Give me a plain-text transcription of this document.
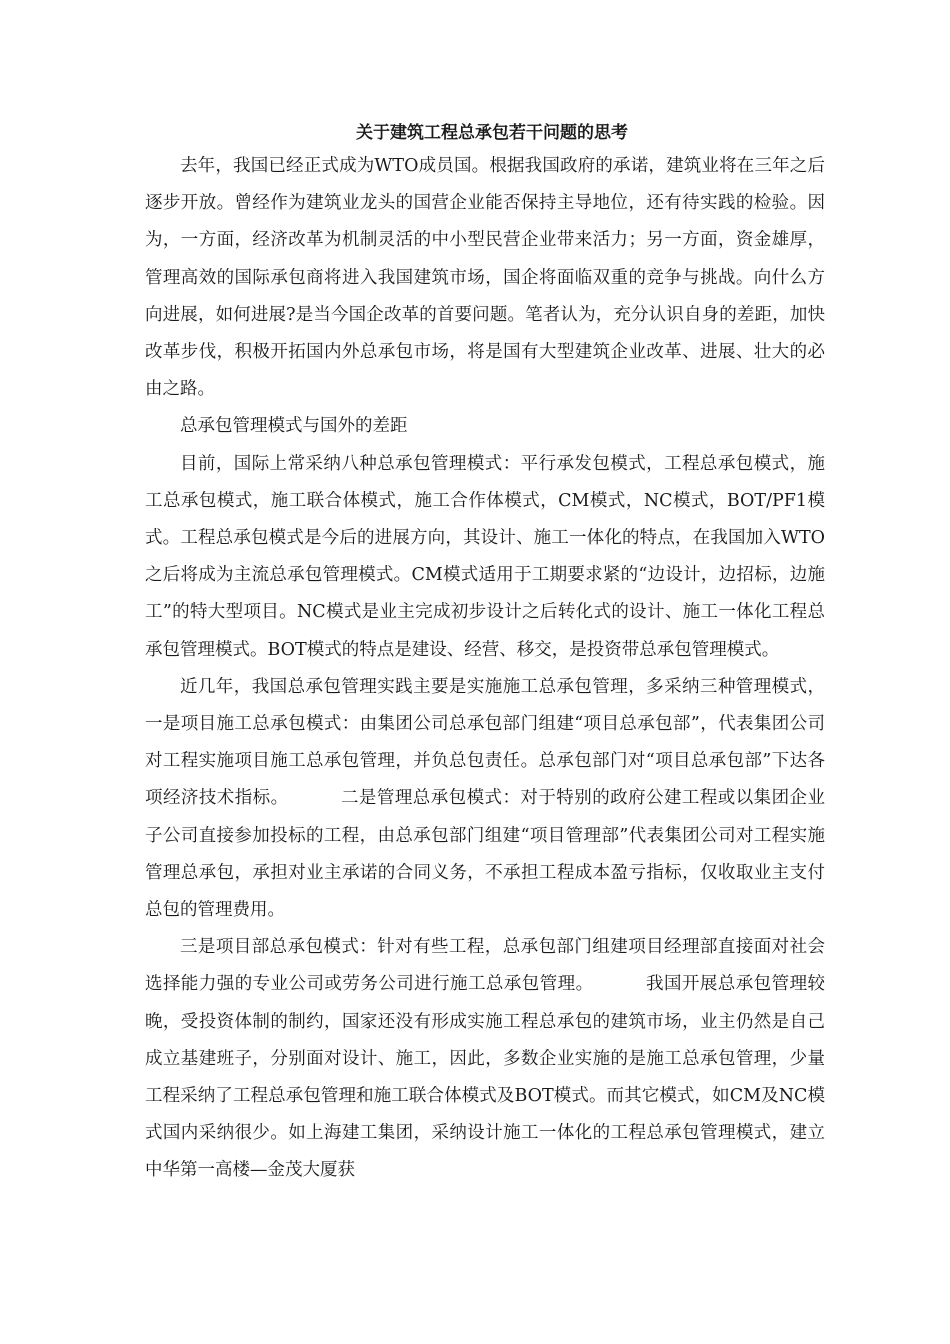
关于建筑工程总承包若干问题的思考

去年，我国已经正式成为WTO成员国。根据我国政府的承诺，建筑业将在三年之后逐步开放。曾经作为建筑业龙头的国营企业能否保持主导地位，还有待实践的检验。因为，一方面，经济改革为机制灵活的中小型民营企业带来活力；另一方面，资金雄厚，管理高效的国际承包商将进入我国建筑市场，国企将面临双重的竞争与挑战。向什么方向进展，如何进展?是当今国企改革的首要问题。笔者认为，充分认识自身的差距，加快改革步伐，积极开拓国内外总承包市场，将是国有大型建筑企业改革、进展、壮大的必由之路。

总承包管理模式与国外的差距

目前，国际上常采纳八种总承包管理模式：平行承发包模式，工程总承包模式，施工总承包模式，施工联合体模式，施工合作体模式，CM模式，NC模式，BOT/PF1模式。工程总承包模式是今后的进展方向，其设计、施工一体化的特点，在我国加入WTO之后将成为主流总承包管理模式。CM模式适用于工期要求紧的“边设计，边招标，边施工”的特大型项目。NC模式是业主完成初步设计之后转化式的设计、施工一体化工程总承包管理模式。BOT模式的特点是建设、经营、移交，是投资带总承包管理模式。

近几年，我国总承包管理实践主要是实施施工总承包管理，多采纳三种管理模式，一是项目施工总承包模式：由集团公司总承包部门组建“项目总承包部”，代表集团公司对工程实施项目施工总承包管理，并负总包责任。总承包部门对“项目总承包部”下达各项经济技术指标。	二是管理总承包模式：对于特别的政府公建工程或以集团企业子公司直接参加投标的工程，由总承包部门组建“项目管理部”代表集团公司对工程实施管理总承包，承担对业主承诺的合同义务，不承担工程成本盈亏指标，仅收取业主支付总包的管理费用。

三是项目部总承包模式：针对有些工程，总承包部门组建项目经理部直接面对社会选择能力强的专业公司或劳务公司进行施工总承包管理。	我国开展总承包管理较晚，受投资体制的制约，国家还没有形成实施工程总承包的建筑市场，业主仍然是自己成立基建班子，分别面对设计、施工，因此，多数企业实施的是施工总承包管理，少量工程采纳了工程总承包管理和施工联合体模式及BOT模式。而其它模式，如CM及NC模式国内采纳很少。如上海建工集团，采纳设计施工一体化的工程总承包管理模式，建立中华第一高楼—金茂大厦获
